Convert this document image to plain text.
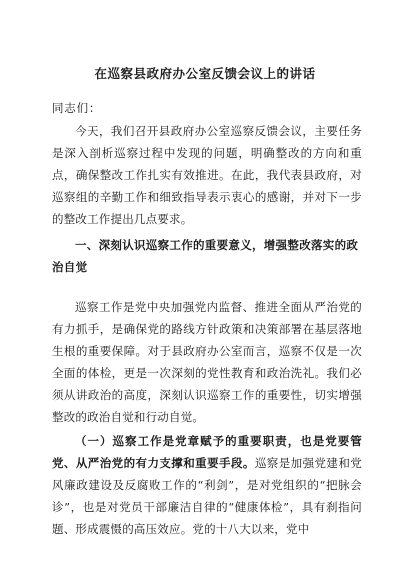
在巡察县政府办公室反馈会议上的讲话
同志们：

今天，我们召开县政府办公室巡察反馈会议，主要任务是深入剖析巡察过程中发现的问题，明确整改的方向和重点，确保整改工作扎实有效推进。在此，我代表县政府，对巡察组的辛勤工作和细致指导表示衷心的感谢，并对下一步的整改工作提出几点要求。

一、深刻认识巡察工作的重要意义，增强整改落实的政治自觉

巡察工作是党中央加强党内监督、推进全面从严治党的有力抓手，是确保党的路线方针政策和决策部署在基层落地生根的重要保障。对于县政府办公室而言，巡察不仅是一次全面的体检，更是一次深刻的党性教育和政治洗礼。我们必须从讲政治的高度，深刻认识巡察工作的重要性，切实增强整改的政治自觉和行动自觉。

（一）巡察工作是党章赋予的重要职责，也是党要管党、从严治党的有力支撑和重要手段。巡察是加强党建和党风廉政建设及反腐败工作的“利剑”，是对党组织的“把脉会诊”，也是对党员干部廉洁自律的“健康体检”，具有刹指问题、形成震慑的高压效应。党的十八大以来，党中
